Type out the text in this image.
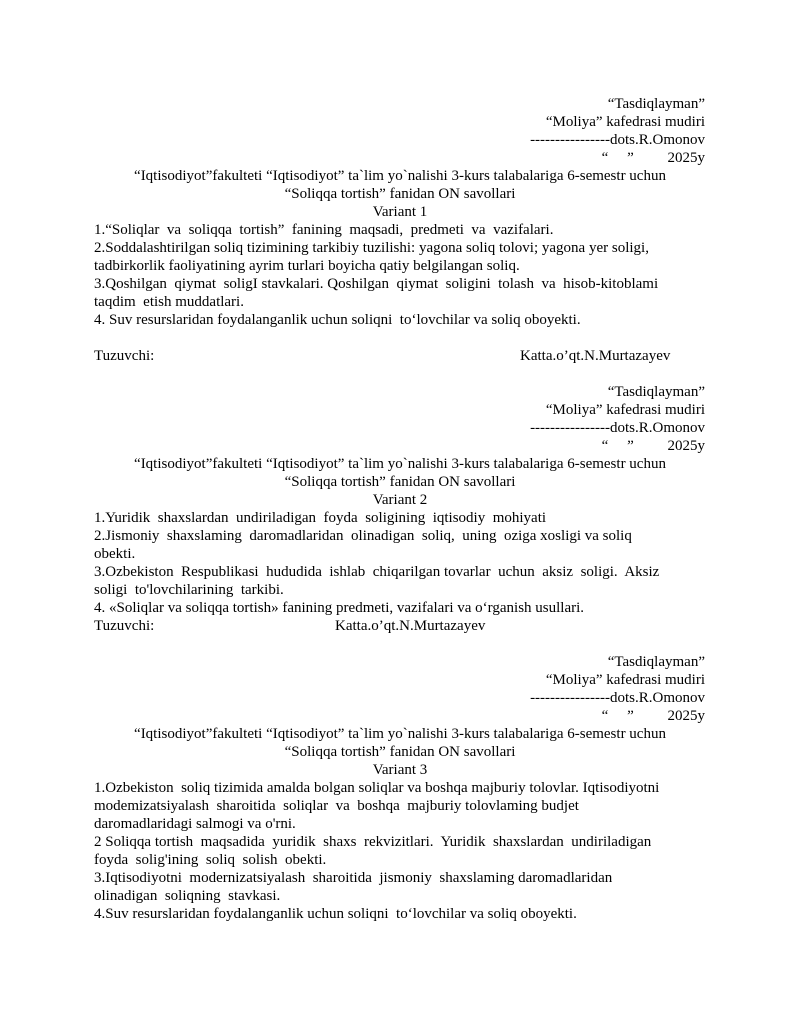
“Tasdiqlayman”
“Moliya” kafedrasi mudiri
----------------dots.R.Omonov
“     ”         2025y
“Iqtisodiyot”fakulteti “Iqtisodiyot” ta`lim yo`nalishi 3-kurs talabalariga 6-semestr uchun
“Soliqqa tortish” fanidan ON savollari
Variant 1
1.“Soliqlar  va  soliqqa  tortish”  fanining  maqsadi,  predmeti  va  vazifalari.
2.Soddalashtirilgan soliq tizimining tarkibiy tuzilishi: yagona soliq tolovi; yagona yer soligi,
tadbirkorlik faoliyatining ayrim turlari boyicha qatiy belgilangan soliq.
3.Qoshilgan  qiymat  soligI stavkalari. Qoshilgan  qiymat  soligini  tolash  va  hisob-kitoblami
taqdim  etish muddatlari.
4. Suv resurslaridan foydalanganlik uchun soliqni  to‘lovchilar va soliq oboyekti.
Tuzuvchi:	Katta.o’qt.N.Murtazayev
“Tasdiqlayman”
“Moliya” kafedrasi mudiri
----------------dots.R.Omonov
“     ”         2025y
“Iqtisodiyot”fakulteti “Iqtisodiyot” ta`lim yo`nalishi 3-kurs talabalariga 6-semestr uchun
“Soliqqa tortish” fanidan ON savollari
Variant 2
1.Yuridik  shaxslardan  undiriladigan  foyda  soligining  iqtisodiy  mohiyati
2.Jismoniy  shaxslaming  daromadlaridan  olinadigan  soliq,  uning  oziga xosligi va soliq
obekti.
3.Ozbekiston  Respublikasi  hududida  ishlab  chiqarilgan tovarlar  uchun  aksiz  soligi.  Aksiz
soligi  to'lovchilarining  tarkibi.
4. «Soliqlar va soliqqa tortish» fanining predmeti, vazifalari va o‘rganish usullari.
Tuzuvchi:	Katta.o’qt.N.Murtazayev
“Tasdiqlayman”
“Moliya” kafedrasi mudiri
----------------dots.R.Omonov
“     ”         2025y
“Iqtisodiyot”fakulteti “Iqtisodiyot” ta`lim yo`nalishi 3-kurs talabalariga 6-semestr uchun
“Soliqqa tortish” fanidan ON savollari
Variant 3
1.Ozbekiston  soliq tizimida amalda bolgan soliqlar va boshqa majburiy tolovlar. Iqtisodiyotni
modemizatsiyalash  sharoitida  soliqlar  va  boshqa  majburiy tolovlaming budjet
daromadlaridagi salmogi va o'rni.
2 Soliqqa tortish  maqsadida  yuridik  shaxs  rekvizitlari.  Yuridik  shaxslardan  undiriladigan
foyda  solig'ining  soliq  solish  obekti.
3.Iqtisodiyotni  modernizatsiyalash  sharoitida  jismoniy  shaxslaming daromadlaridan
olinadigan  soliqning  stavkasi.
4.Suv resurslaridan foydalanganlik uchun soliqni  to‘lovchilar va soliq oboyekti.
